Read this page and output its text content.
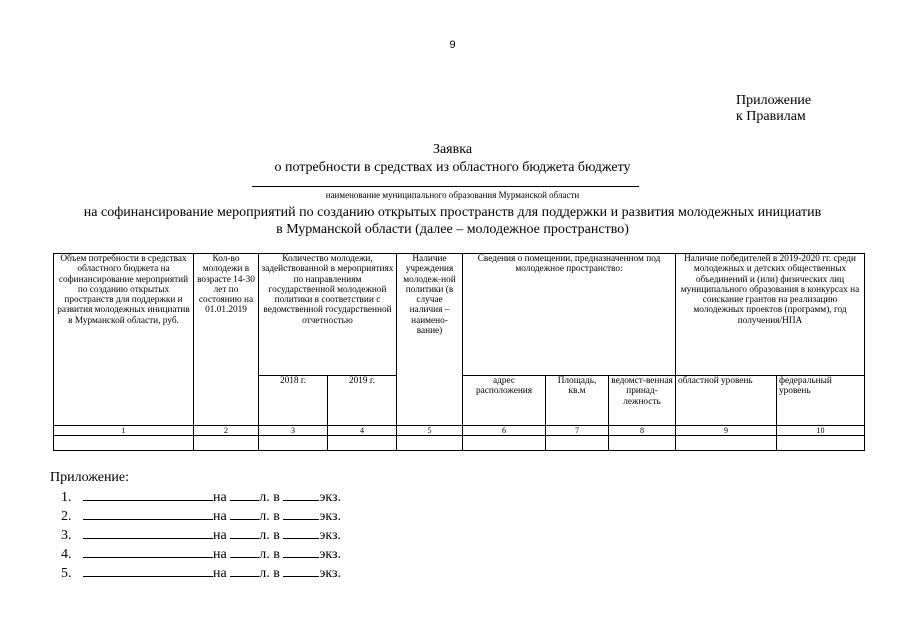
9
Приложение
к Правилам
Заявка
о потребности в средствах из областного бюджета бюджету
наименование муниципального образования Мурманской области
на софинансирование мероприятий по созданию открытых пространств для поддержки и развития молодежных инициатив
в Мурманской области (далее – молодежное пространство)
Объем потребности в средствах областного бюджета на софинансирование мероприятий по созданию открытых пространств для поддержки и развития молодежных инициатив в Мурманской области, руб.	Кол-во молодежи в возрасте 14-30 лет по состоянию на 01.01.2019	Количество молодежи, задействованной в мероприятиях по направлениям государственной молодежной политики в соответствии с ведомственной государственной отчетностью		Наличие учреждения молодеж-ной политики (в случае наличия – наимено-вание)	Сведения о помещении, предназначенном под молодежное пространство:			Наличие победителей в 2019-2020 гг. среди молодежных и детских общественных объединений и (или) физических лиц муниципального образования в конкурсах на соискание грантов на реализацию молодежных проектов (программ), год получения/НПА	
		2018 г.	2019 г.		адрес расположения	Площадь, кв.м	ведомст-венная принад-лежность	областной уровень	федеральный уровень
1	2	3	4	5	6	7	8	9	10

Приложение:
1.	на л. в	экз.
2.	на л. в	экз.
3.	на л. в	экз.
4.	на л. в	экз.
5.	на л. в	экз.
